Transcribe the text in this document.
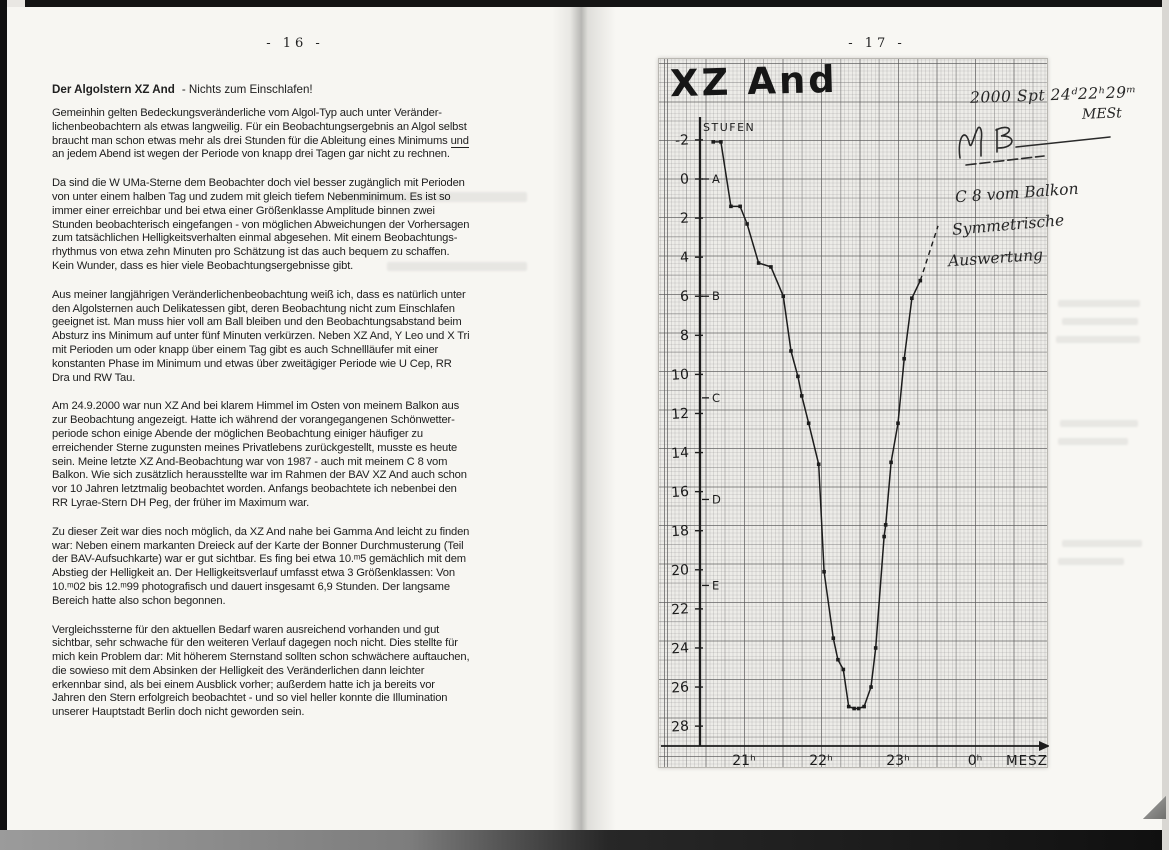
- 16 -	- 17 -
Der Algolstern XZ And - Nichts zum Einschlafen!
Gemeinhin gelten Bedeckungsveränderliche vom Algol-Typ auch unter Veränder-
lichenbeobachtern als etwas langweilig. Für ein Beobachtungsergebnis an Algol selbst
braucht man schon etwas mehr als drei Stunden für die Ableitung eines Minimums und
an jedem Abend ist wegen der Periode von knapp drei Tagen gar nicht zu rechnen.
Da sind die W UMa-Sterne dem Beobachter doch viel besser zugänglich mit Perioden
von unter einem halben Tag und zudem mit gleich tiefem Nebenminimum. Es ist so
immer einer erreichbar und bei etwa einer Größenklasse Amplitude binnen zwei
Stunden beobachterisch eingefangen - von möglichen Abweichungen der Vorhersagen
zum tatsächlichen Helligkeitsverhalten einmal abgesehen. Mit einem Beobachtungs-
rhythmus von etwa zehn Minuten pro Schätzung ist das auch bequem zu schaffen.
Kein Wunder, dass es hier viele Beobachtungsergebnisse gibt.
Aus meiner langjährigen Veränderlichenbeobachtung weiß ich, dass es natürlich unter
den Algolsternen auch Delikatessen gibt, deren Beobachtung nicht zum Einschlafen
geeignet ist. Man muss hier voll am Ball bleiben und den Beobachtungsabstand beim
Absturz ins Minimum auf unter fünf Minuten verkürzen. Neben XZ And, Y Leo und X Tri
mit Perioden um oder knapp über einem Tag gibt es auch Schnellläufer mit einer
konstanten Phase im Minimum und etwas über zweitägiger Periode wie U Cep, RR
Dra und RW Tau.
Am 24.9.2000 war nun XZ And bei klarem Himmel im Osten von meinem Balkon aus
zur Beobachtung angezeigt. Hatte ich während der vorangegangenen Schönwetter-
periode schon einige Abende der möglichen Beobachtung einiger häufiger zu
erreichender Sterne zugunsten meines Privatlebens zurückgestellt, musste es heute
sein. Meine letzte XZ And-Beobachtung war von 1987 - auch mit meinem C 8 vom
Balkon. Wie sich zusätzlich herausstellte war im Rahmen der BAV XZ And auch schon
vor 10 Jahren letztmalig beobachtet worden. Anfangs beobachtete ich nebenbei den
RR Lyrae-Stern DH Peg, der früher im Maximum war.
Zu dieser Zeit war dies noch möglich, da XZ And nahe bei Gamma And leicht zu finden
war: Neben einem markanten Dreieck auf der Karte der Bonner Durchmusterung (Teil
der BAV-Aufsuchkarte) war er gut sichtbar. Es fing bei etwa 10.ᵐ5 gemächlich mit dem
Abstieg der Helligkeit an. Der Helligkeitsverlauf umfasst etwa 3 Größenklassen: Von
10.ᵐ02 bis 12.ᵐ99 photografisch und dauert insgesamt 6,9 Stunden. Der langsame
Bereich hatte also schon begonnen.
Vergleichssterne für den aktuellen Bedarf waren ausreichend vorhanden und gut
sichtbar, sehr schwache für den weiteren Verlauf dagegen noch nicht. Dies stellte für
mich kein Problem dar: Mit höherem Sternstand sollten schon schwächere auftauchen,
die sowieso mit dem Absinken der Helligkeit des Veränderlichen dann leichter
erkennbar sind, als bei einem Ausblick vorher; außerdem hatte ich ja bereits vor
Jahren den Stern erfolgreich beobachtet - und so viel heller konnte die Illumination
unserer Hauptstadt Berlin doch nicht geworden sein.
-2
0
2
4
6
8
10
12
14
16
18
20
22
24
26
28
A
B
C
D
E
21ʰ	22ʰ	23ʰ	0ʰ MESZ
STUFEN
XZ And	2000 Spt 24ᵈ22ʰ29ᵐ
MESt
C 8 vom Balkon
Symmetrische
Auswertung
